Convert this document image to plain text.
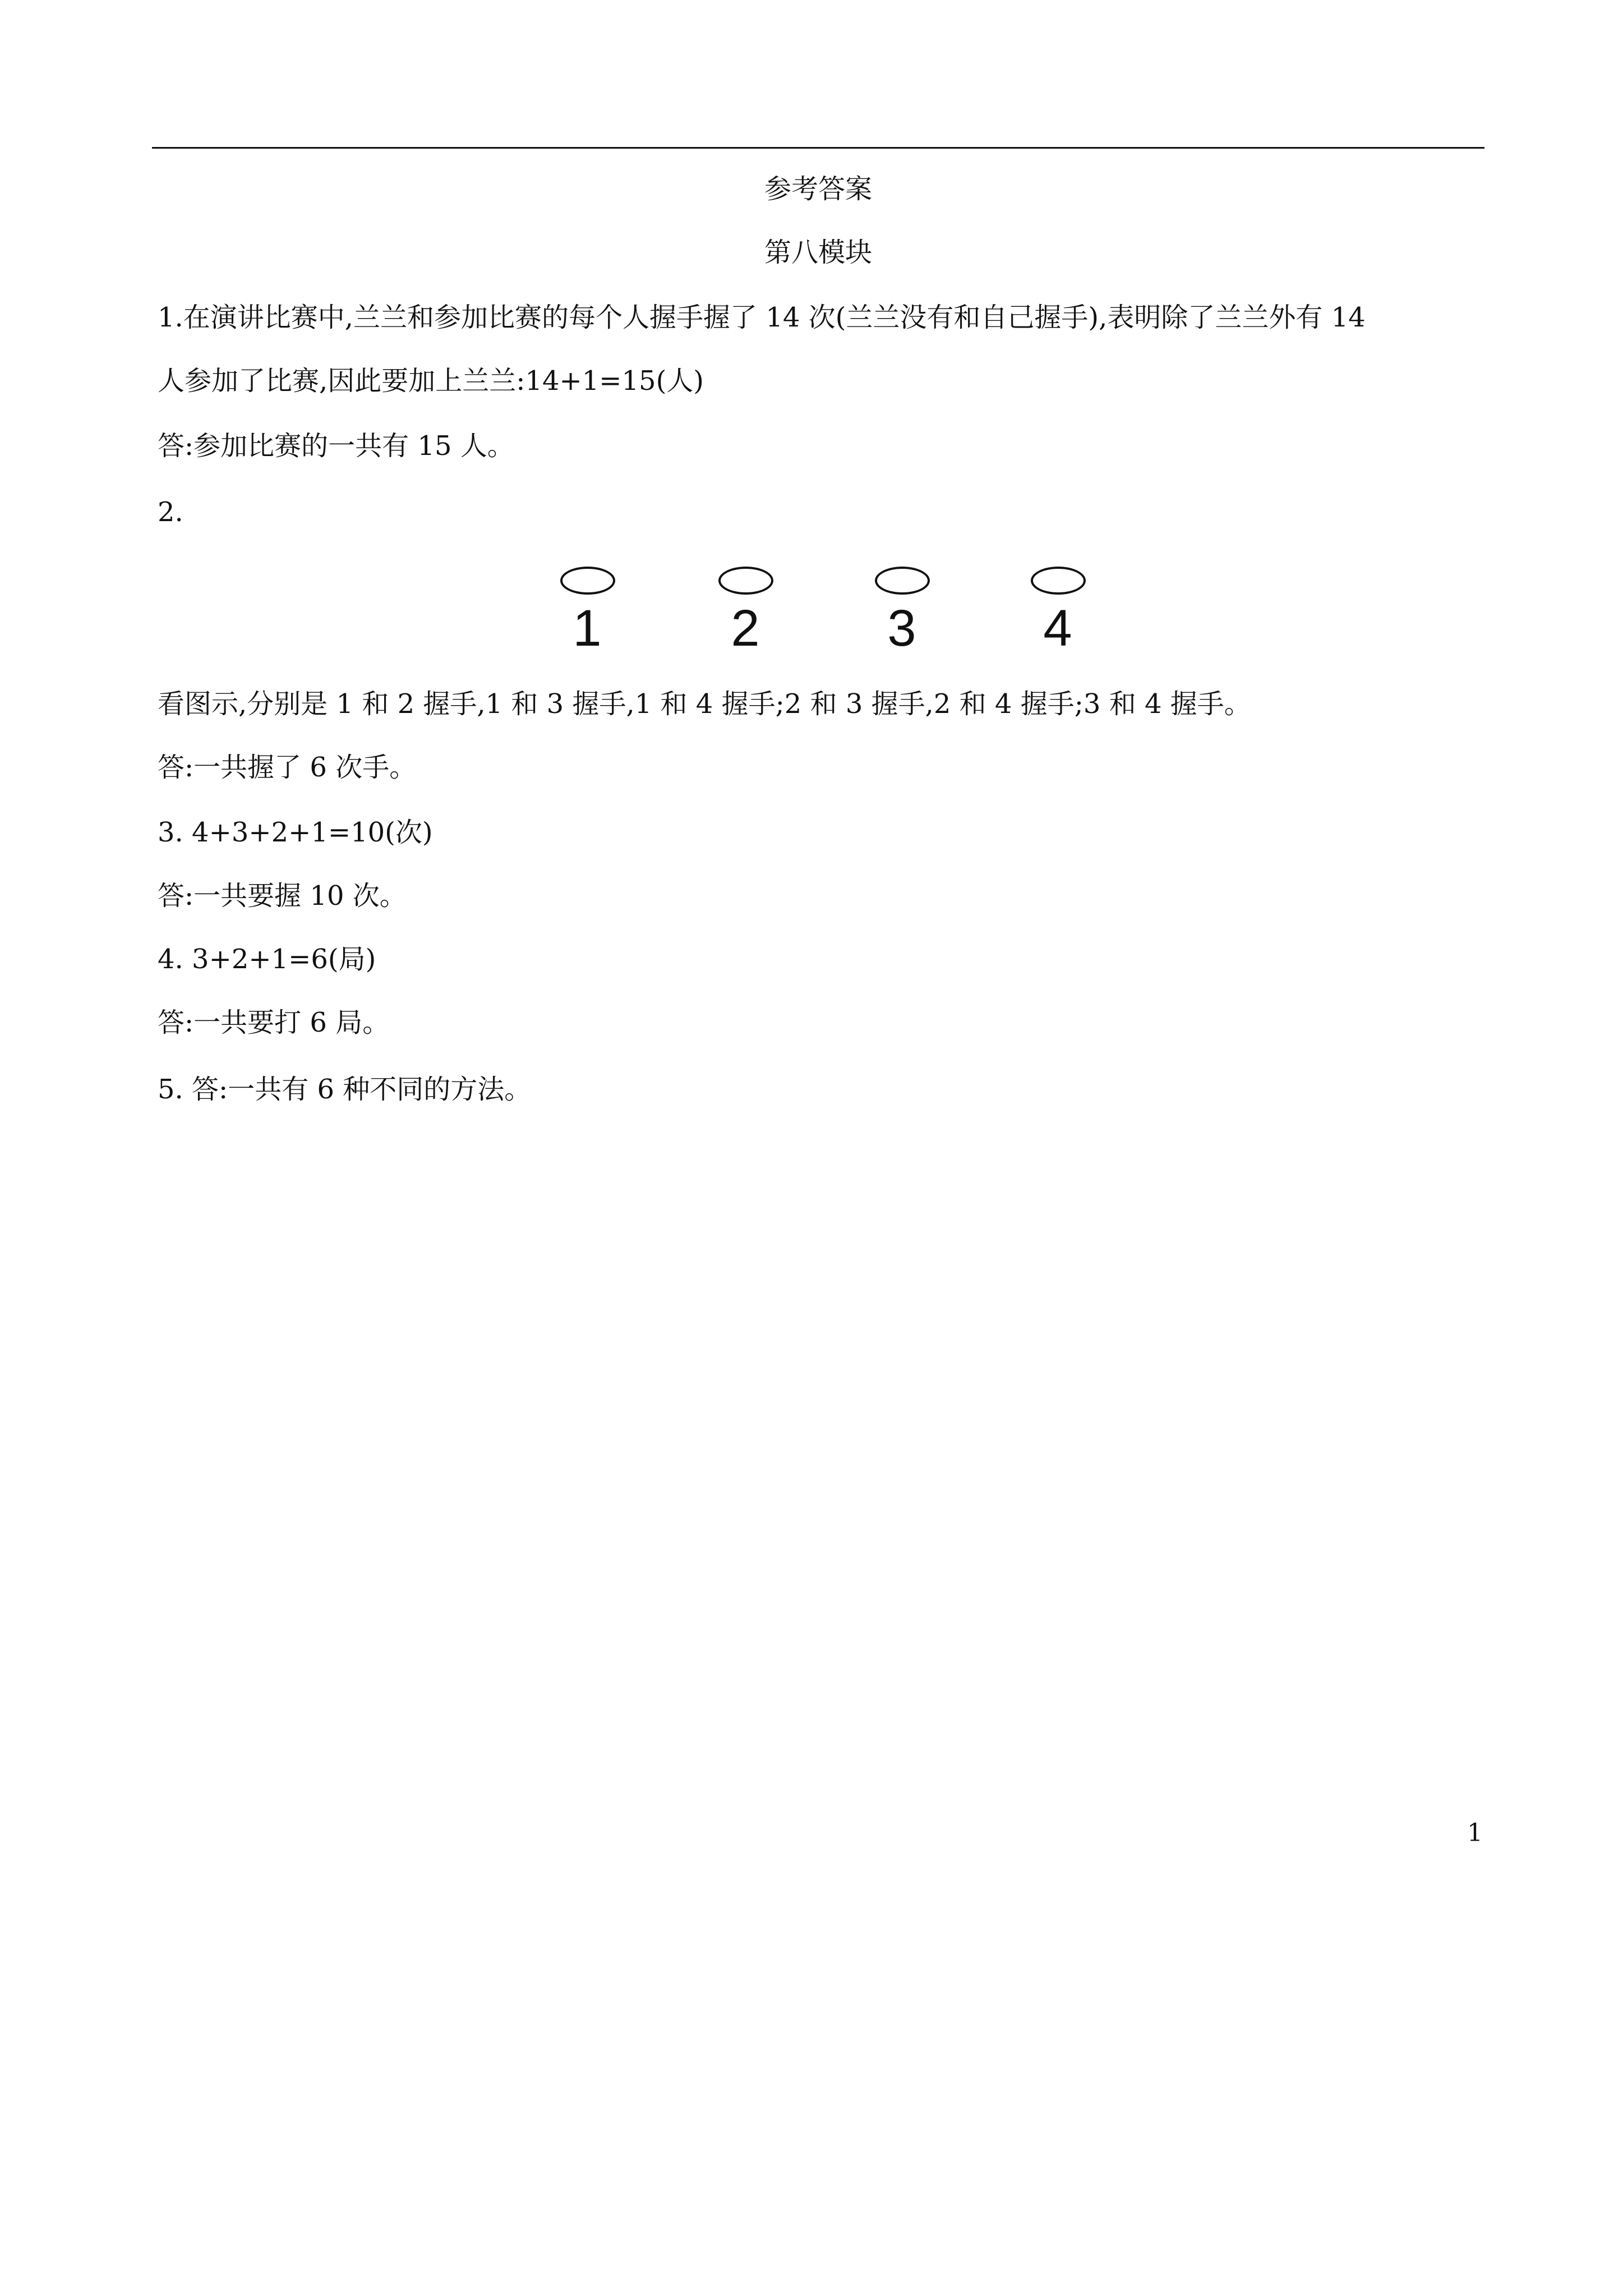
参考答案
第八模块
1.在演讲比赛中,兰兰和参加比赛的每个人握手握了 14 次(兰兰没有和自己握手),表明除了兰兰外有 14
人参加了比赛,因此要加上兰兰:14+1=15(人)
答:参加比赛的一共有 15 人。
2.
1	2	3	4
看图示,分别是 1 和 2 握手,1 和 3 握手,1 和 4 握手;2 和 3 握手,2 和 4 握手;3 和 4 握手。
答:一共握了 6 次手。
3. 4+3+2+1=10(次)
答:一共要握 10 次。
4. 3+2+1=6(局)
答:一共要打 6 局。
5. 答:一共有 6 种不同的方法。
1
